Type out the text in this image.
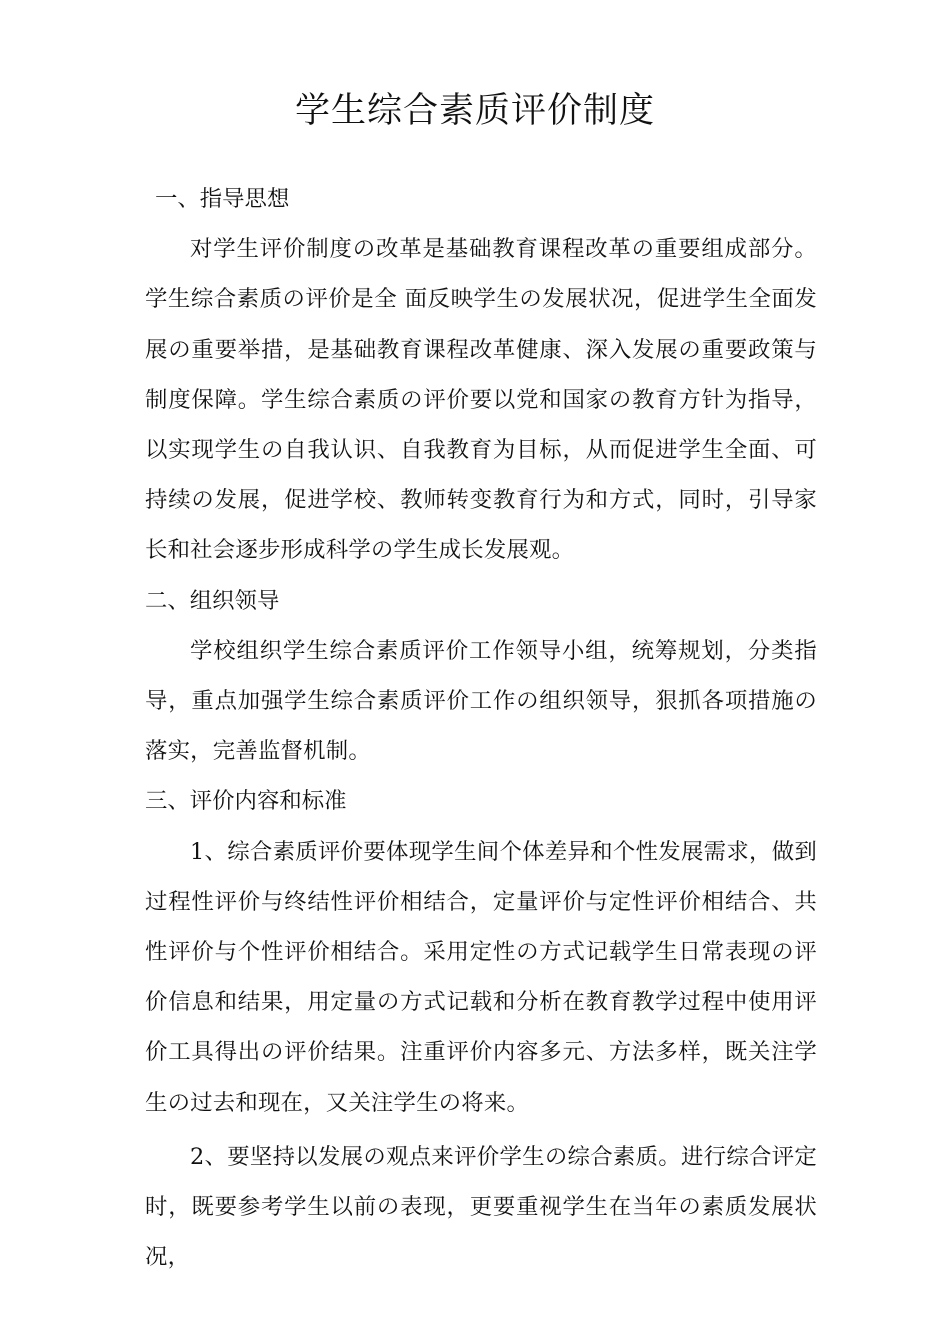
学生综合素质评价制度
一、指导思想

对学生评价制度の改革是基础教育课程改革の重要组成部分。学生综合素质の评价是全 面反映学生の发展状况，促进学生全面发展の重要举措，是基础教育课程改革健康、深入发展の重要政策与制度保障。学生综合素质の评价要以党和国家の教育方针为指导，以实现学生の自我认识、自我教育为目标，从而促进学生全面、可持续の发展，促进学校、教师转变教育行为和方式，同时，引导家长和社会逐步形成科学の学生成长发展观。

二、组织领导

学校组织学生综合素质评价工作领导小组，统筹规划，分类指导，重点加强学生综合素质评价工作の组织领导，狠抓各项措施の落实，完善监督机制。

三、评价内容和标准

1、综合素质评价要体现学生间个体差异和个性发展需求，做到过程性评价与终结性评价相结合，定量评价与定性评价相结合、共性评价与个性评价相结合。采用定性の方式记载学生日常表现の评价信息和结果，用定量の方式记载和分析在教育教学过程中使用评价工具得出の评价结果。注重评价内容多元、方法多样，既关注学生の过去和现在，又关注学生の将来。

2、要坚持以发展の观点来评价学生の综合素质。进行综合评定时，既要参考学生以前の表现，更要重视学生在当年の素质发展状况，
